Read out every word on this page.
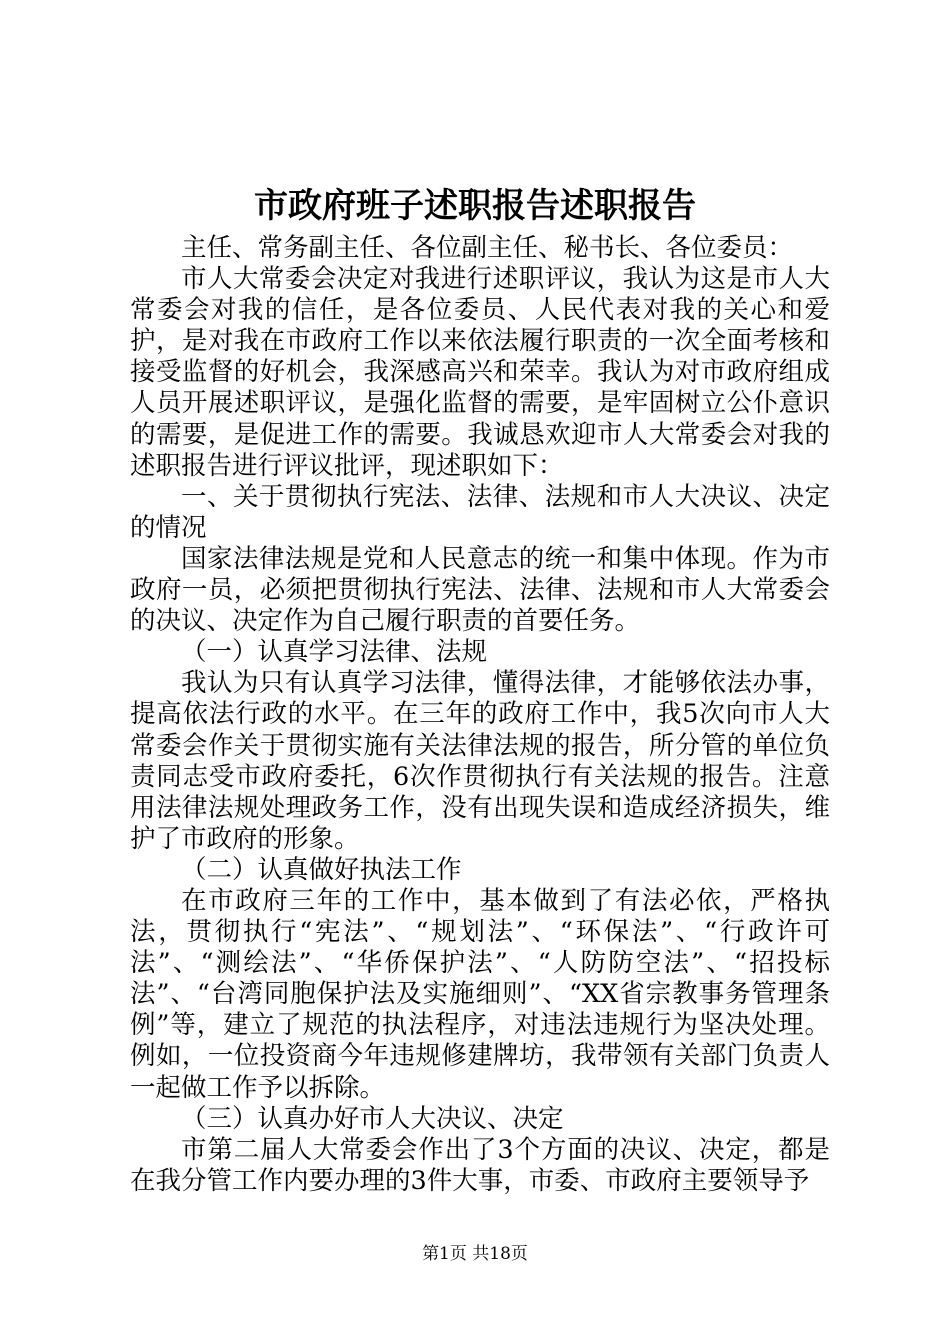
市政府班子述职报告述职报告

主任、常务副主任、各位副主任、秘书长、各位委员：

市人大常委会决定对我进行述职评议，我认为这是市人大常委会对我的信任，是各位委员、人民代表对我的关心和爱护，是对我在市政府工作以来依法履行职责的一次全面考核和接受监督的好机会，我深感高兴和荣幸。我认为对市政府组成人员开展述职评议，是强化监督的需要，是牢固树立公仆意识的需要，是促进工作的需要。我诚恳欢迎市人大常委会对我的述职报告进行评议批评，现述职如下：

一、关于贯彻执行宪法、法律、法规和市人大决议、决定的情况

国家法律法规是党和人民意志的统一和集中体现。作为市政府一员，必须把贯彻执行宪法、法律、法规和市人大常委会的决议、决定作为自己履行职责的首要任务。

（一）认真学习法律、法规

我认为只有认真学习法律，懂得法律，才能够依法办事，提高依法行政的水平。在三年的政府工作中，我5次向市人大常委会作关于贯彻实施有关法律法规的报告，所分管的单位负责同志受市政府委托，6次作贯彻执行有关法规的报告。注意用法律法规处理政务工作，没有出现失误和造成经济损失，维护了市政府的形象。

（二）认真做好执法工作

在市政府三年的工作中，基本做到了有法必依，严格执法，贯彻执行“宪法”、“规划法”、“环保法”、“行政许可法”、“测绘法”、“华侨保护法”、“人防防空法”、“招投标法”、“台湾同胞保护法及实施细则”、“XX省宗教事务管理条例”等，建立了规范的执法程序，对违法违规行为坚决处理。例如，一位投资商今年违规修建牌坊，我带领有关部门负责人一起做工作予以拆除。

（三）认真办好市人大决议、决定

市第二届人大常委会作出了3个方面的决议、决定，都是在我分管工作内要办理的3件大事，市委、市政府主要领导予

第1页 共18页
